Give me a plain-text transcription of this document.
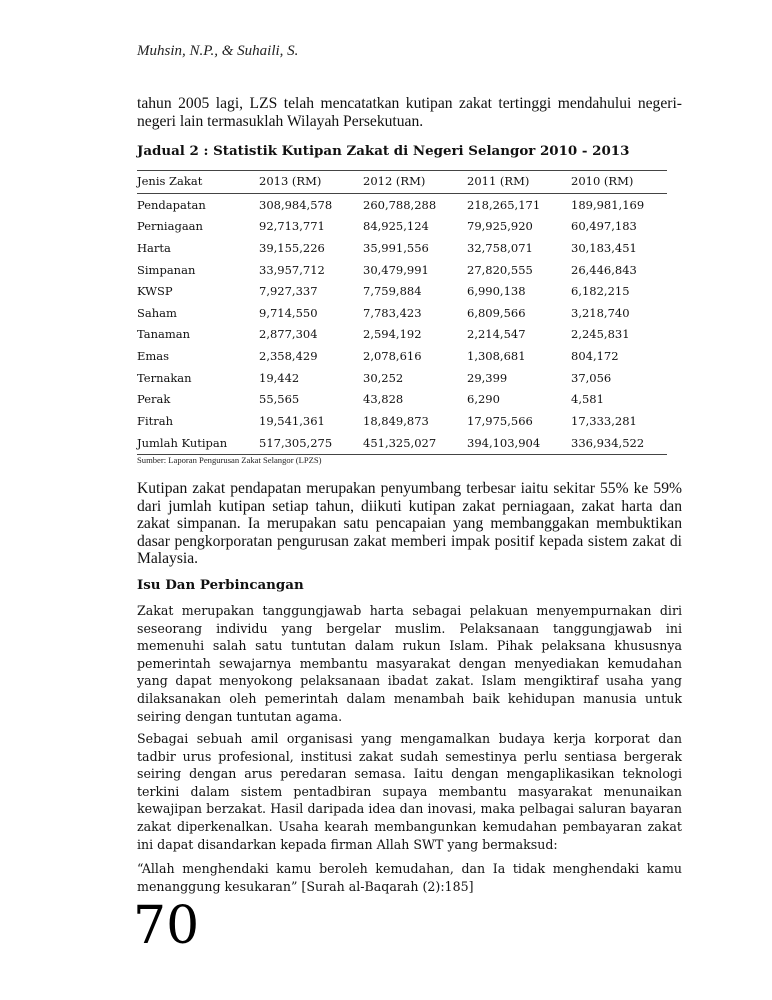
Muhsin, N.P., & Suhaili, S.

tahun 2005 lagi, LZS telah mencatatkan kutipan zakat tertinggi mendahului negeri-negeri lain termasuklah Wilayah Persekutuan.

Jadual 2 : Statistik Kutipan Zakat di Negeri Selangor 2010 - 2013

Jenis Zakat	2013 (RM)	2012 (RM)	2011 (RM)	2010 (RM)
Pendapatan	308,984,578	260,788,288	218,265,171	189,981,169
Perniagaan	92,713,771	84,925,124	79,925,920	60,497,183
Harta	39,155,226	35,991,556	32,758,071	30,183,451
Simpanan	33,957,712	30,479,991	27,820,555	26,446,843
KWSP	7,927,337	7,759,884	6,990,138	6,182,215
Saham	9,714,550	7,783,423	6,809,566	3,218,740
Tanaman	2,877,304	2,594,192	2,214,547	2,245,831
Emas	2,358,429	2,078,616	1,308,681	804,172
Ternakan	19,442	30,252	29,399	37,056
Perak	55,565	43,828	6,290	4,581
Fitrah	19,541,361	18,849,873	17,975,566	17,333,281
Jumlah Kutipan	517,305,275	451,325,027	394,103,904	336,934,522
Sumber: Laporan Pengurusan Zakat Selangor (LPZS)

Kutipan zakat pendapatan merupakan penyumbang terbesar iaitu sekitar 55% ke 59% dari jumlah kutipan setiap tahun, diikuti kutipan zakat perniagaan, zakat harta dan zakat simpanan. Ia merupakan satu pencapaian yang membanggakan membuktikan dasar pengkorporatan pengurusan zakat memberi impak positif kepada sistem zakat di Malaysia.

Isu Dan Perbincangan

Zakat merupakan tanggungjawab harta sebagai pelakuan menyempurnakan diri seseorang individu yang bergelar muslim. Pelaksanaan tanggungjawab ini memenuhi salah satu tuntutan dalam rukun Islam. Pihak pelaksana khususnya pemerintah sewajarnya membantu masyarakat dengan menyediakan kemudahan yang dapat menyokong pelaksanaan ibadat zakat. Islam mengiktiraf usaha yang dilaksanakan oleh pemerintah dalam menambah baik kehidupan manusia untuk seiring dengan tuntutan agama.

Sebagai sebuah amil organisasi yang mengamalkan budaya kerja korporat dan tadbir urus profesional, institusi zakat sudah semestinya perlu sentiasa bergerak seiring dengan arus peredaran semasa. Iaitu dengan mengaplikasikan teknologi terkini dalam sistem pentadbiran supaya membantu masyarakat menunaikan kewajipan berzakat. Hasil daripada idea dan inovasi, maka pelbagai saluran bayaran zakat diperkenalkan. Usaha kearah membangunkan kemudahan pembayaran zakat ini dapat disandarkan kepada firman Allah SWT yang bermaksud:

“Allah menghendaki kamu beroleh kemudahan, dan Ia tidak menghendaki kamu menanggung kesukaran” [Surah al-Baqarah (2):185]

70
